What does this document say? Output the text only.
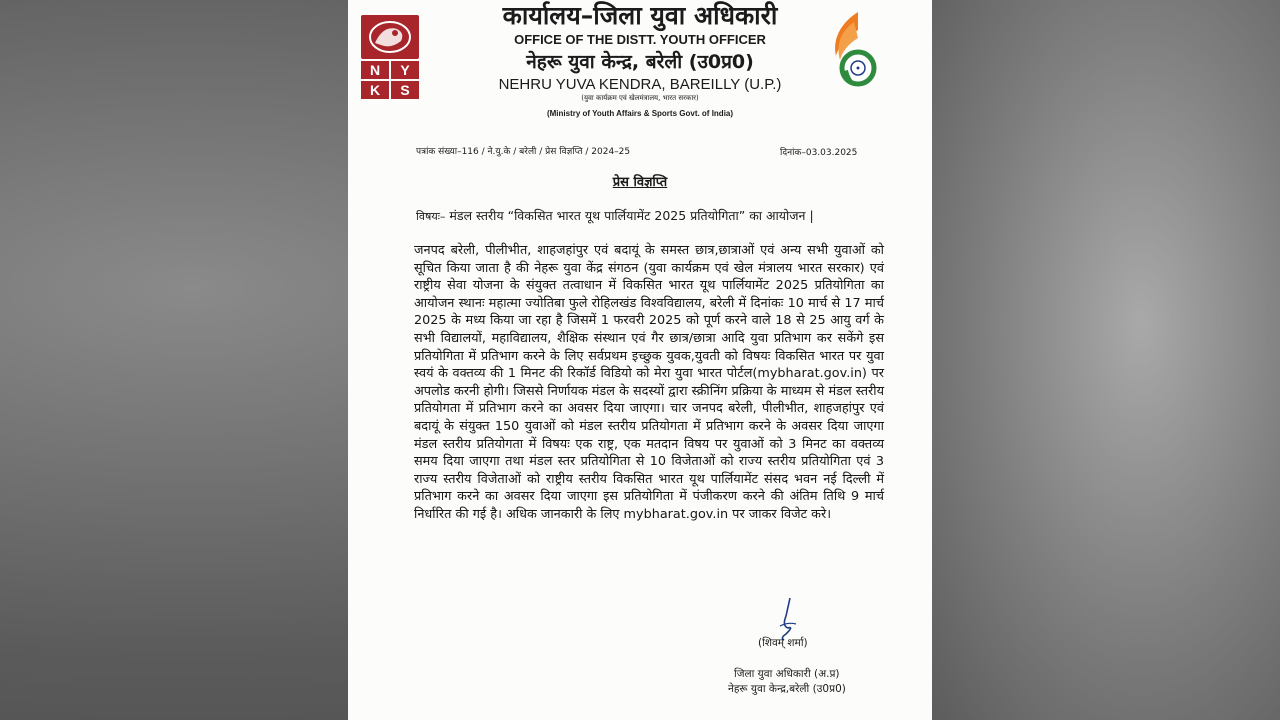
N	Y
K	S
कार्यालय–जिला युवा अधिकारी
OFFICE OF THE DISTT. YOUTH OFFICER
नेहरू युवा केन्द्र, बरेली (उ0प्र0)
NEHRU YUVA KENDRA, BAREILLY (U.P.)
(युवा कार्यक्रम एवं खेलमंत्रालय, भारत सरकार)
(Ministry of Youth Affairs & Sports Govt. of India)
पत्रांक संख्या–116 / ने.यु.के / बरेली / प्रेस विज्ञप्ति / 2024–25	दिनांक–03.03.2025
प्रेस विज्ञप्ति
विषयः– मंडल स्तरीय “विकसित भारत यूथ पार्लियामेंट 2025 प्रतियोगिता” का आयोजन |
जनपद बरेली, पीलीभीत, शाहजहांपुर एवं बदायूं के समस्त छात्र,छात्राओं एवं अन्य सभी युवाओं को सूचित किया जाता है की नेहरू युवा केंद्र संगठन (युवा कार्यक्रम एवं खेल मंत्रालय भारत सरकार) एवं राष्ट्रीय सेवा योजना के संयुक्त तत्वाधान में विकसित भारत यूथ पार्लियामेंट 2025 प्रतियोगिता का आयोजन स्थानः महात्मा ज्योतिबा फुले रोहिलखंड विश्वविद्यालय, बरेली में दिनांकः 10 मार्च से 17 मार्च 2025 के मध्य किया जा रहा है जिसमें 1 फरवरी 2025 को पूर्ण करने वाले 18 से 25 आयु वर्ग के सभी विद्यालयों, महाविद्यालय, शैक्षिक संस्थान एवं गैर छात्र/छात्रा आदि युवा प्रतिभाग कर सकेंगे इस प्रतियोगिता में प्रतिभाग करने के लिए सर्वप्रथम इच्छुक युवक,युवती को विषयः विकसित भारत पर युवा स्वयं के वक्तव्य की 1 मिनट की रिकॉर्ड विडियो को मेरा युवा भारत पोर्टल(mybharat.gov.in) पर अपलोड करनी होगी। जिससे निर्णायक मंडल के सदस्यों द्वारा स्क्रीनिंग प्रक्रिया के माध्यम से मंडल स्तरीय प्रतियोगता में प्रतिभाग करने का अवसर दिया जाएगा। चार जनपद बरेली, पीलीभीत, शाहजहांपुर एवं बदायूं के संयुक्त 150 युवाओं को मंडल स्तरीय प्रतियोगता में प्रतिभाग करने के अवसर दिया जाएगा मंडल स्तरीय प्रतियोगता में विषयः एक राष्ट्र, एक मतदान विषय पर युवाओं को 3 मिनट का वक्तव्य समय दिया जाएगा तथा मंडल स्तर प्रतियोगिता से 10 विजेताओं को राज्य स्तरीय प्रतियोगिता एवं 3 राज्य स्तरीय विजेताओं को राष्ट्रीय स्तरीय विकसित भारत यूथ पार्लियामेंट संसद भवन नई दिल्ली में प्रतिभाग करने का अवसर दिया जाएगा इस प्रतियोगिता में पंजीकरण करने की अंतिम तिथि 9 मार्च निर्धारित की गई है। अधिक जानकारी के लिए mybharat.gov.in पर जाकर विजेट करे।
(शिवम् शर्मा)
जिला युवा अधिकारी (अ.प्र)
नेहरू युवा केन्द्र,बरेली (उ0प्र0)
